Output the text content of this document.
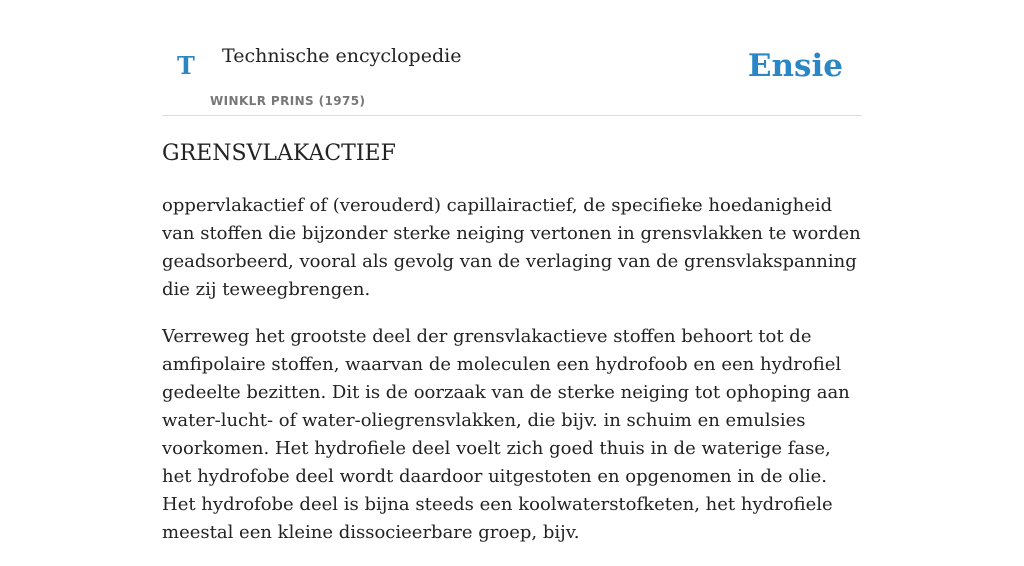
T Technische encyclopedie
WINKLR PRINS (1975)
Ensie
GRENSVLAKACTIEF

oppervlakactief of (verouderd) capillairactief, de specifieke hoedanigheid van stoffen die bijzonder sterke neiging vertonen in grensvlakken te worden geadsorbeerd, vooral als gevolg van de verlaging van de grensvlakspanning die zij teweegbrengen.

Verreweg het grootste deel der grensvlakactieve stoffen behoort tot de amfipolaire stoffen, waarvan de moleculen een hydrofoob en een hydrofiel gedeelte bezitten. Dit is de oorzaak van de sterke neiging tot ophoping aan water-lucht- of water-oliegrensvlakken, die bijv. in schuim en emulsies voorkomen. Het hydrofiele deel voelt zich goed thuis in de waterige fase, het hydrofobe deel wordt daardoor uitgestoten en opgenomen in de olie. Het hydrofobe deel is bijna steeds een koolwaterstofketen, het hydrofiele meestal een kleine dissocieerbare groep, bijv.
